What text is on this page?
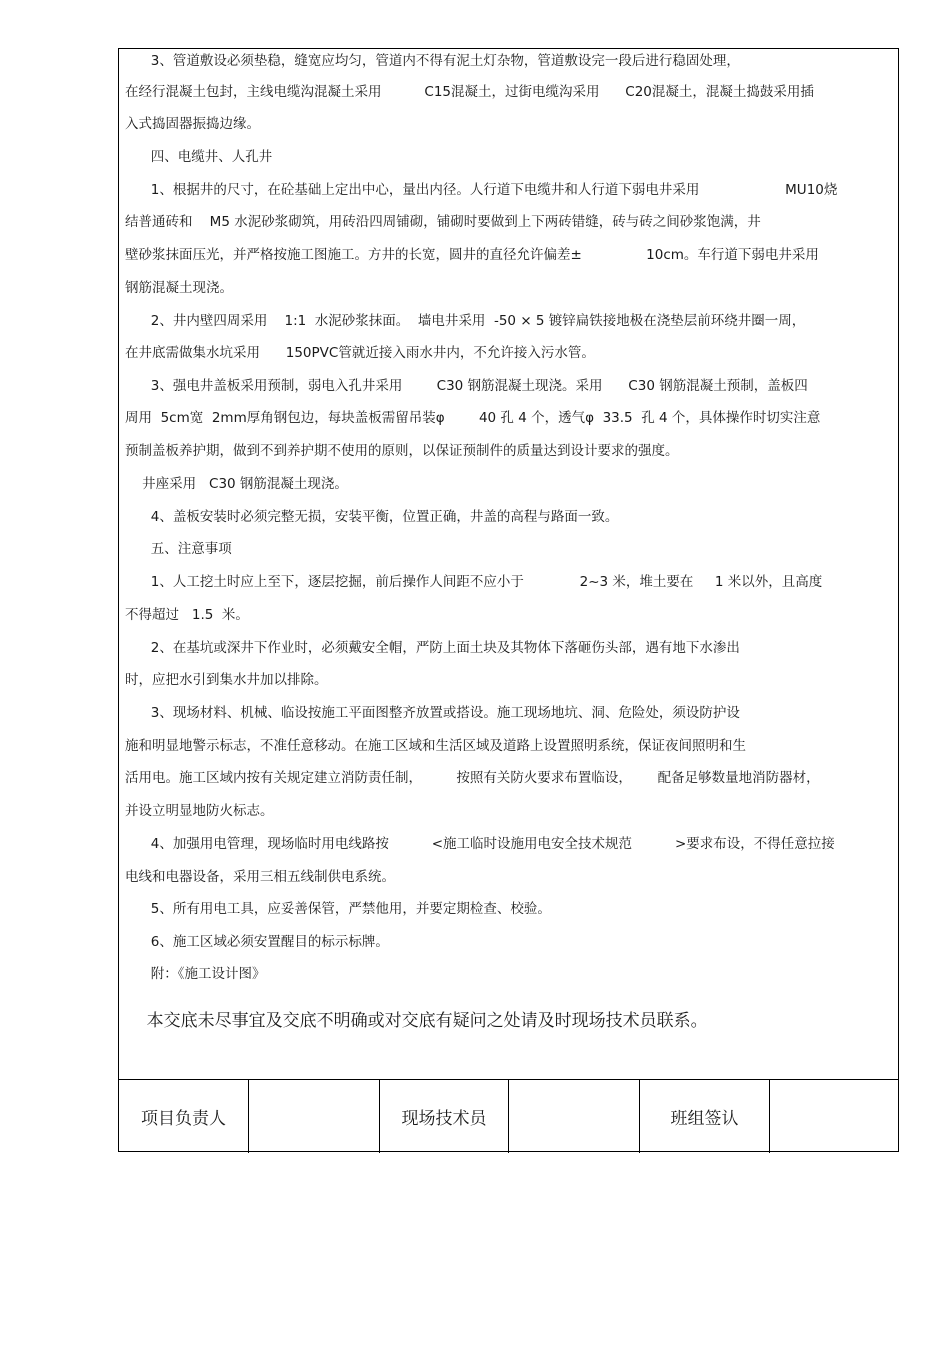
3、管道敷设必须垫稳，缝宽应均匀，管道内不得有泥土灯杂物，管道敷设完一段后进行稳固处理，
在经行混凝土包封，主线电缆沟混凝土采用          C15混凝土，过街电缆沟采用      C20混凝土，混凝土捣鼓采用插
入式捣固器振捣边缘。
四、电缆井、人孔井
1、根据井的尺寸，在砼基础上定出中心，量出内径。人行道下电缆井和人行道下弱电井采用                    MU10烧
结普通砖和    M5 水泥砂浆砌筑，用砖沿四周铺砌，铺砌时要做到上下两砖错缝，砖与砖之间砂浆饱满，井
壁砂浆抹面压光，并严格按施工图施工。方井的长宽，圆井的直径允许偏差±               10cm。车行道下弱电井采用
钢筋混凝土现浇。
2、井内壁四周采用    1:1  水泥砂浆抹面。  墙电井采用  -50 × 5 镀锌扁铁接地极在浇垫层前环绕井圈一周，
在井底需做集水坑采用      150PVC管就近接入雨水井内，不允许接入污水管。
3、强电井盖板采用预制，弱电入孔井采用        C30 钢筋混凝土现浇。采用      C30 钢筋混凝土预制，盖板四
周用  5cm宽  2mm厚角钢包边，每块盖板需留吊装φ        40 孔 4 个，透气φ  33.5  孔 4 个，具体操作时切实注意
预制盖板养护期，做到不到养护期不使用的原则，以保证预制件的质量达到设计要求的强度。
井座采用   C30 钢筋混凝土现浇。
4、盖板安装时必须完整无损，安装平衡，位置正确，井盖的高程与路面一致。
五、注意事项
1、人工挖土时应上至下，逐层挖掘，前后操作人间距不应小于             2~3 米，堆土要在     1 米以外，且高度
不得超过   1.5  米。
2、在基坑或深井下作业时，必须戴安全帽，严防上面土块及其物体下落砸伤头部，遇有地下水渗出
时，应把水引到集水井加以排除。
3、现场材料、机械、临设按施工平面图整齐放置或搭设。施工现场地坑、洞、危险处，须设防护设
施和明显地警示标志，不准任意移动。在施工区域和生活区域及道路上设置照明系统，保证夜间照明和生
活用电。施工区域内按有关规定建立消防责任制，        按照有关防火要求布置临设，      配备足够数量地消防器材，
并设立明显地防火标志。
4、加强用电管理，现场临时用电线路按          <施工临时设施用电安全技术规范          >要求布设，不得任意拉接
电线和电器设备，采用三相五线制供电系统。
5、所有用电工具，应妥善保管，严禁他用，并要定期检查、校验。
6、施工区域必须安置醒目的标示标牌。
附：《施工设计图》
本交底未尽事宜及交底不明确或对交底有疑问之处请及时现场技术员联系。
项目负责人	现场技术员	班组签认
